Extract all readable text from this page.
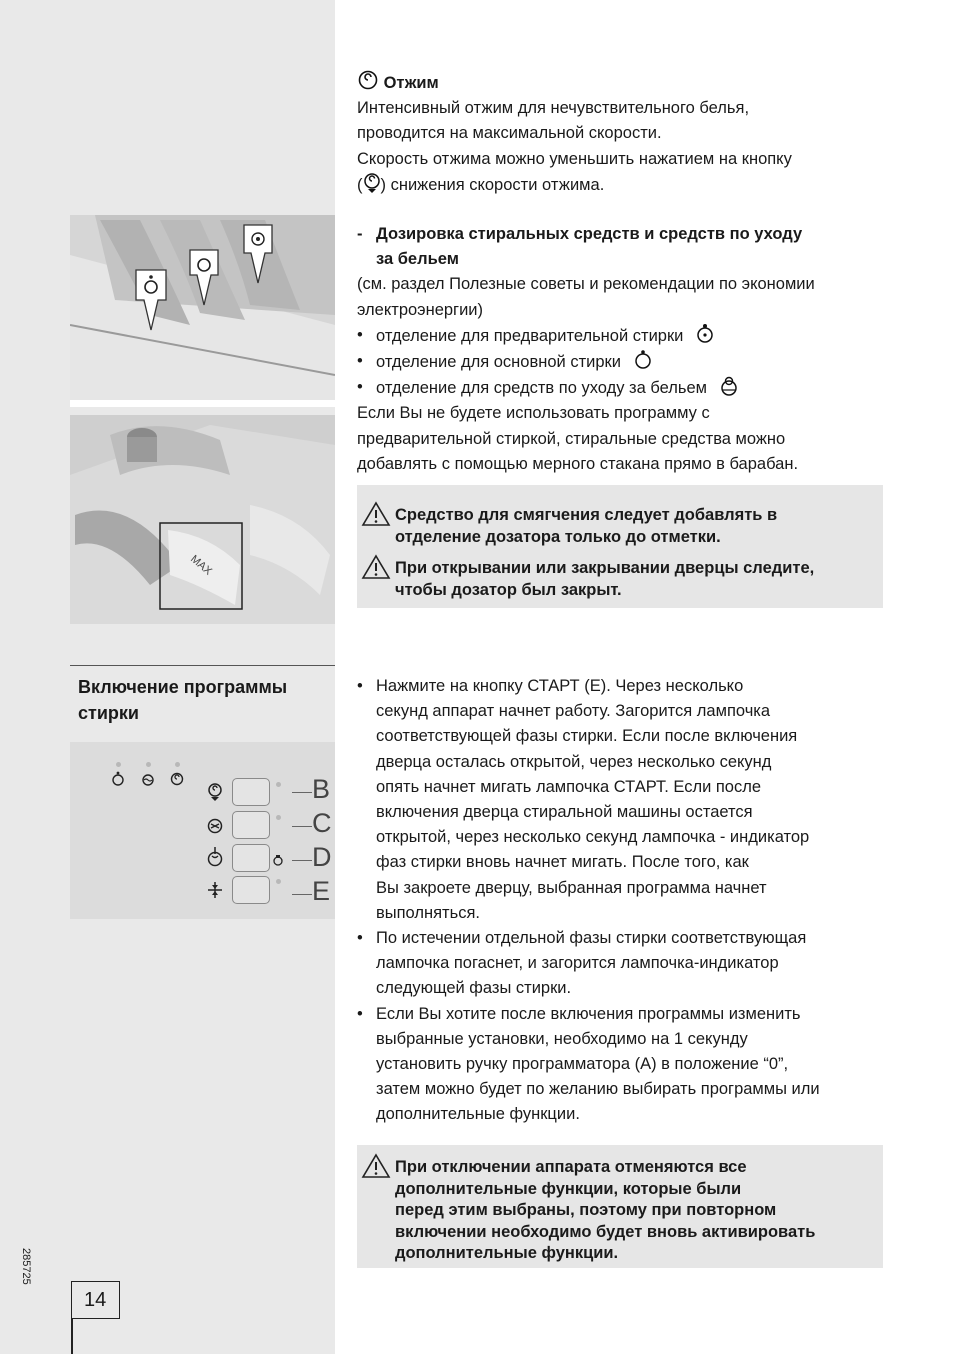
MAX

Отжим

Интенсивный отжим для нечувствительного белья,

проводится на максимальной скорости.

Скорость отжима можно уменьшить нажатием на кнопку

( ) снижения скорости отжима.

- Дозировка стиральных средств и средств по уходу

за бельем

(см. раздел Полезные советы и рекомендации по экономии

электроэнергии)

• отделение для предварительной стирки
• отделение для основной стирки
• отделение для средств по уходу за бельем

Если Вы не будете использовать программу с

предварительной стиркой, стиральные средства можно

добавлять с помощью мерного стакана прямо в барабан.

Средство для смягчения следует добавлять в
отделение дозатора только до отметки.
При открывании или закрывании дверцы следите,
чтобы дозатор был закрыт.
Включение программы
стирки
B
C
D
E
• Нажмите на кнопку СТАРТ (E). Через несколько
секунд аппарат начнет работу. Загорится лампочка
соответствующей фазы стирки. Если после включения
дверца осталась открытой, через несколько секунд
опять начнет мигать лампочка СТАРТ. Если после
включения дверца стиральной машины остается
открытой, через несколько секунд лампочка - индикатор
фаз стирки вновь начнет мигать. После того, как
Вы закроете дверцу, выбранная программа начнет
выполняться.
• По истечении отдельной фазы стирки соответствующая
лампочка погаснет, и загорится лампочка-индикатор
следующей фазы стирки.
• Если Вы хотите после включения программы изменить
выбранные установки, необходимо на 1 секунду
установить ручку программатора (А) в положение “0”,
затем можно будет по желанию выбирать программы или
дополнительные функции.
При отключении аппарата отменяются все
дополнительные функции, которые были
перед этим выбраны, поэтому при повторном
включении необходимо будет вновь активировать
дополнительные функции.
285725
14
